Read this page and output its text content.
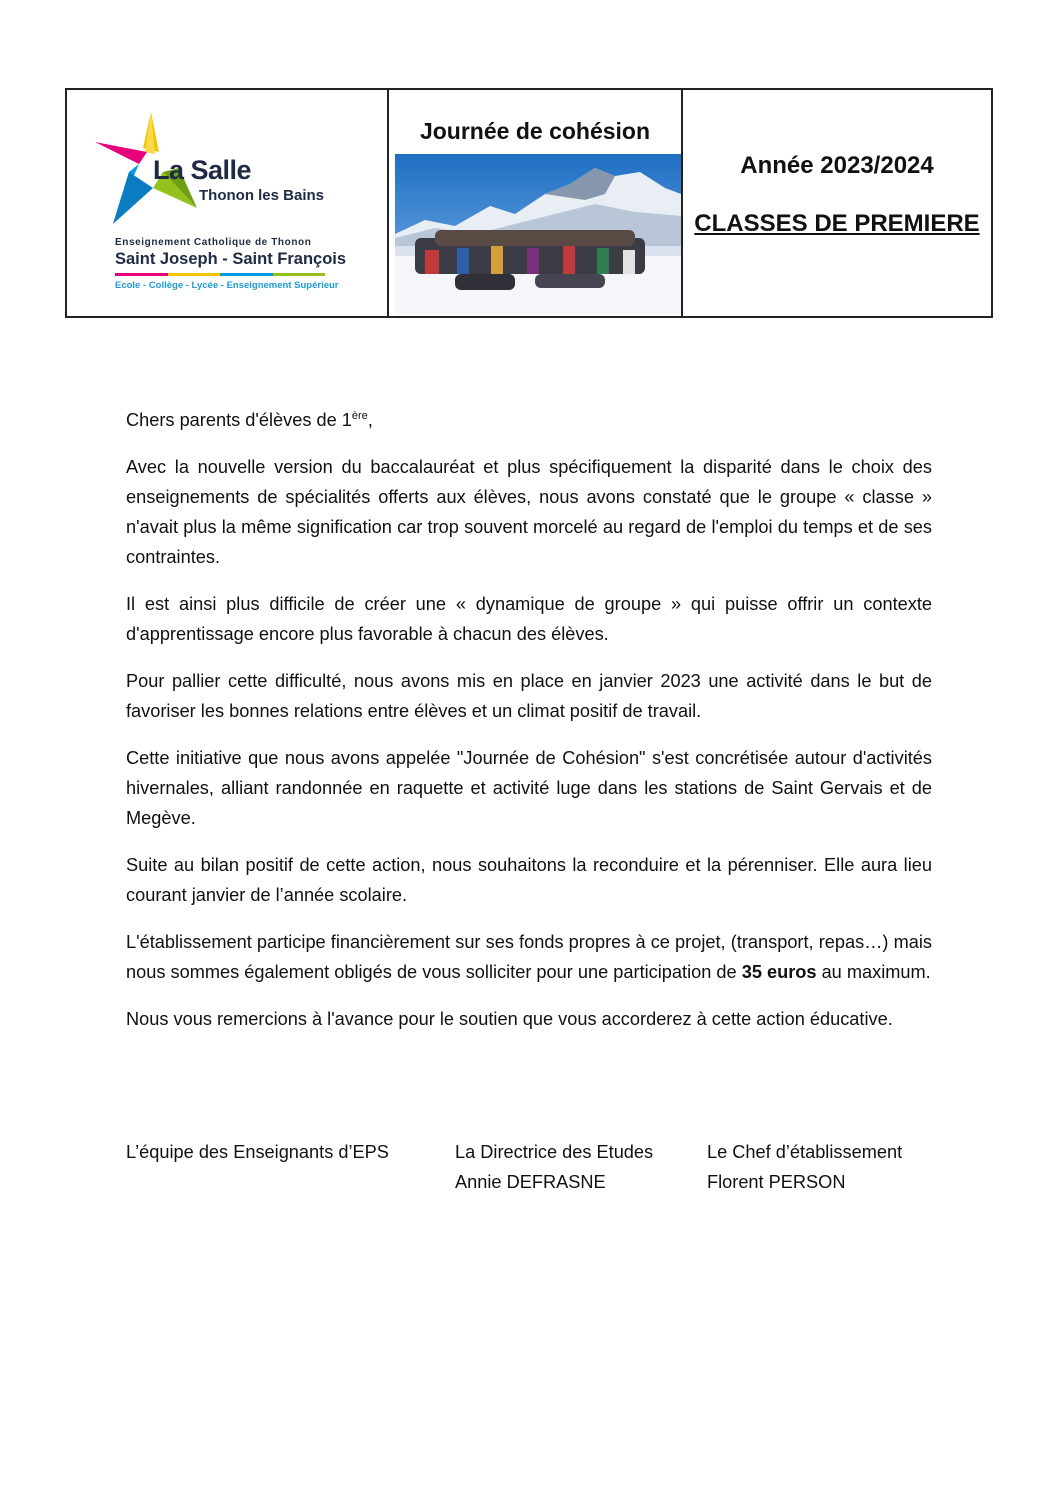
La Salle
Thonon les Bains
Enseignement Catholique de Thonon
Saint Joseph - Saint François
Ecole - Collège - Lycée - Enseignement Supérieur
Journée de cohésion
Année 2023/2024
CLASSES DE PREMIERE

Chers parents d'élèves de 1ère,

Avec la nouvelle version du baccalauréat et plus spécifiquement la disparité dans le choix des enseignements de spécialités offerts aux élèves, nous avons constaté que le groupe « classe » n'avait plus la même signification car trop souvent morcelé au regard de l'emploi du temps et de ses contraintes.

Il est ainsi plus difficile de créer une « dynamique de groupe » qui puisse offrir un contexte d'apprentissage encore plus favorable à chacun des élèves.

Pour pallier cette difficulté, nous avons mis en place en janvier 2023 une activité dans le but de favoriser les bonnes relations entre élèves et un climat positif de travail.

Cette initiative que nous avons appelée "Journée de Cohésion" s'est concrétisée autour d'activités hivernales, alliant randonnée en raquette et activité luge dans les stations de Saint Gervais et de Megève.

Suite au bilan positif de cette action, nous souhaitons la reconduire et la pérenniser. Elle aura lieu courant janvier de l’année scolaire.

L'établissement participe financièrement sur ses fonds propres à ce projet, (transport, repas…) mais nous sommes également obligés de vous solliciter pour une participation de 35 euros au maximum.

Nous vous remercions à l'avance pour le soutien que vous accorderez à cette action éducative.

L’équipe des Enseignants d’EPS	La Directrice des Etudes
Annie DEFRASNE
Le Chef d’établissement
Florent PERSON
